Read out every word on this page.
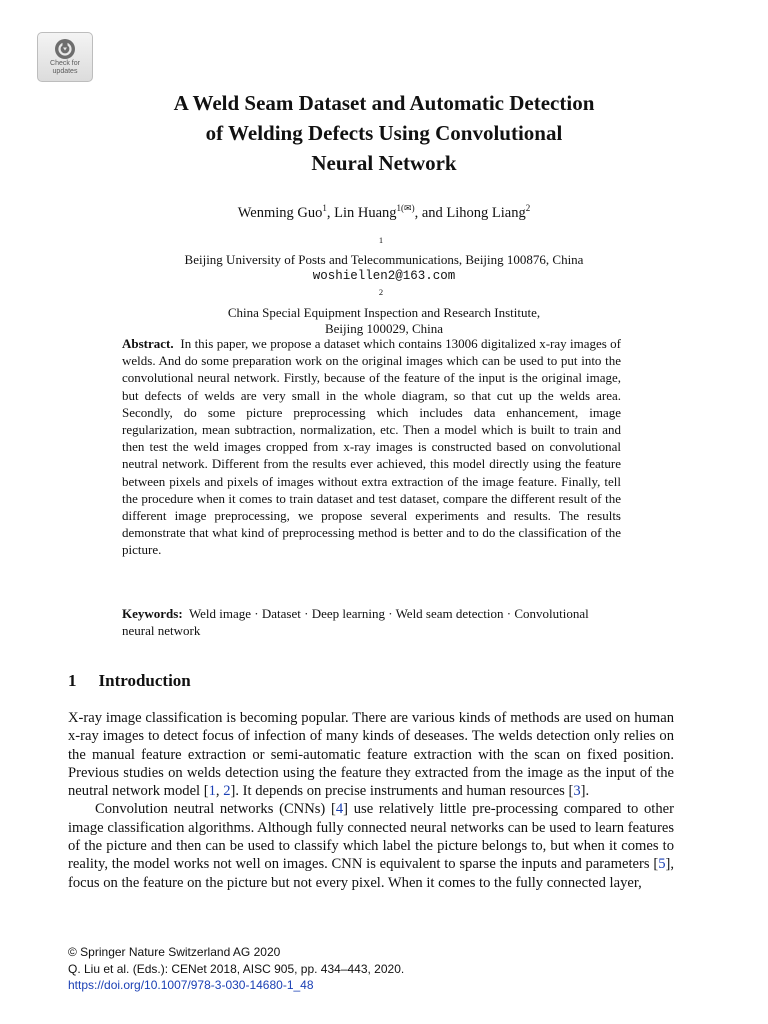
Check for
updates
A Weld Seam Dataset and Automatic Detection
of Welding Defects Using Convolutional
Neural Network
Wenming Guo$^1$, Lin Huang$^{1(✉)}$, and Lihong Liang$^2$
$^1$
Beijing University of Posts and Telecommunications, Beijing 100876, China
woshiellen2@163.com
$^2$
China Special Equipment Inspection and Research Institute,
Beijing 100029, China
Abstract. In this paper, we propose a dataset which contains 13006 digitalized x-ray images of welds. And do some preparation work on the original images which can be used to put into the convolutional neural network. Firstly, because of the feature of the input is the original image, but defects of welds are very small in the whole diagram, so that cut up the welds area. Secondly, do some picture preprocessing which includes data enhancement, image regularization, mean subtraction, normalization, etc. Then a model which is built to train and then test the weld images cropped from x-ray images is constructed based on convolutional neutral network. Different from the results ever achieved, this model directly using the feature between pixels and pixels of images without extra extraction of the image feature. Finally, tell the procedure when it comes to train dataset and test dataset, compare the different result of the different image preprocessing, we propose several experiments and results. The results demonstrate that what kind of preprocessing method is better and to do the classification of the picture.
Keywords: Weld image · Dataset · Deep learning · Weld seam detection · Convolutional neural network
1 Introduction

X-ray image classification is becoming popular. There are various kinds of methods are used on human x-ray images to detect focus of infection of many kinds of deseases. The welds detection only relies on the manual feature extraction or semi-automatic feature extraction with the scan on fixed position. Previous studies on welds detection using the feature they extracted from the image as the input of the neutral network model [1, 2]. It depends on precise instruments and human resources [3].

Convolution neutral networks (CNNs) [4] use relatively little pre-processing compared to other image classification algorithms. Although fully connected neural networks can be used to learn features of the picture and then can be used to classify which label the picture belongs to, but when it comes to reality, the model works not well on images. CNN is equivalent to sparse the inputs and parameters [5], focus on the feature on the picture but not every pixel. When it comes to the fully connected layer,

© Springer Nature Switzerland AG 2020
Q. Liu et al. (Eds.): CENet 2018, AISC 905, pp. 434–443, 2020.
https://doi.org/10.1007/978-3-030-14680-1_48
